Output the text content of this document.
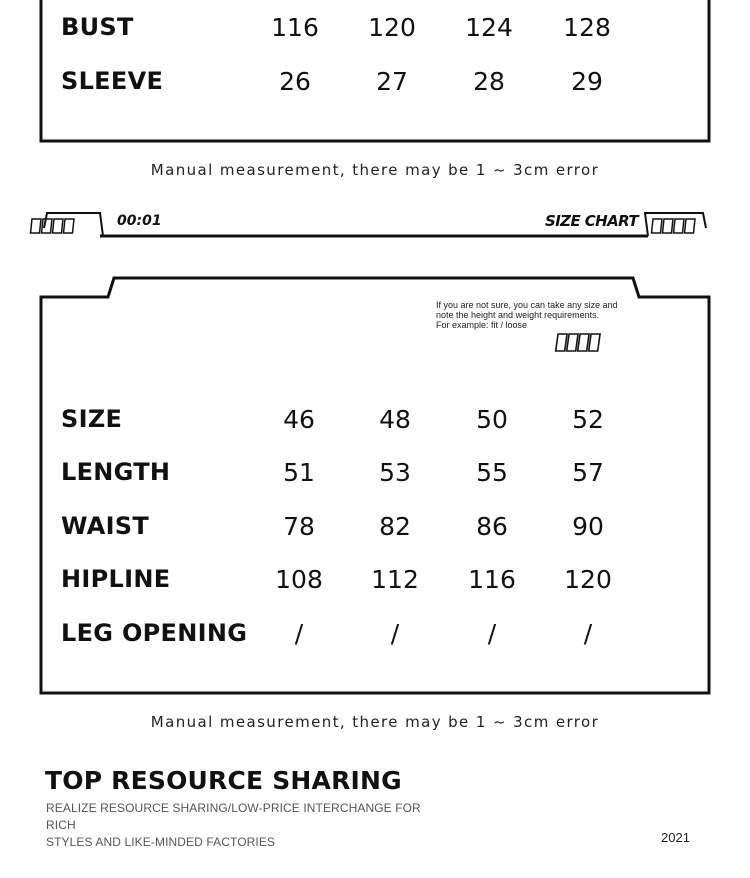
BUST	116	120	124	128
SLEEVE	26	27	28	29
Manual measurement, there may be 1 ~ 3cm error
00:01	SIZE CHART
If you are not sure, you can take any size and
note the height and weight requirements.
For example: fit / loose
SIZE	46	48	50	52
LENGTH	51	53	55	57
WAIST	78	82	86	90
HIPLINE	108	112	116	120
LEG OPENING	/	/	/	/
Manual measurement, there may be 1 ~ 3cm error
TOP RESOURCE SHARING
REALIZE RESOURCE SHARING/LOW-PRICE INTERCHANGE FOR RICH
STYLES AND LIKE-MINDED FACTORIES	2021
